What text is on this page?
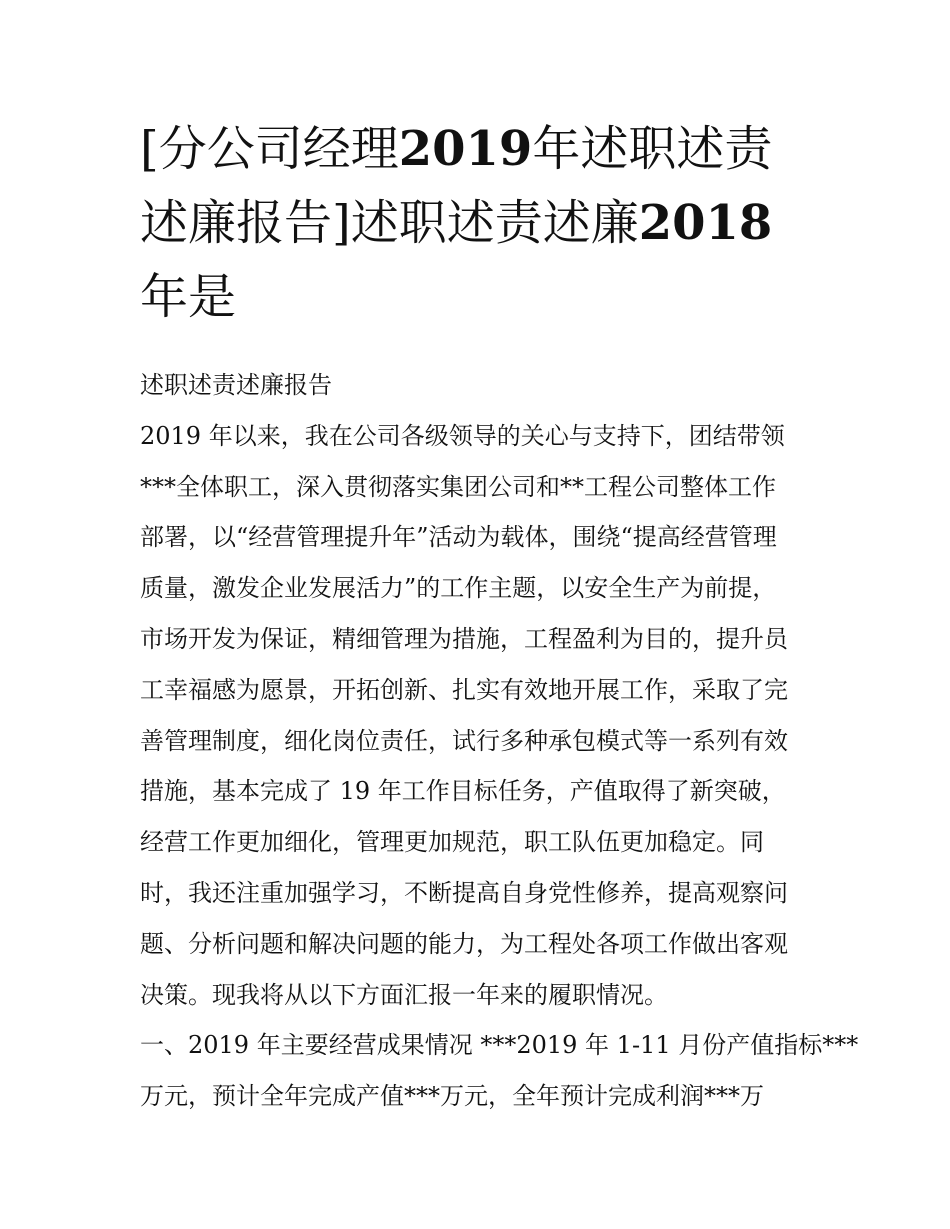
[分公司经理2019年述职述责
述廉报告]述职述责述廉2018
年是
述职述责述廉报告
2019 年以来，我在公司各级领导的关心与支持下，团结带领
***全体职工，深入贯彻落实集团公司和**工程公司整体工作
部署，以“经营管理提升年”活动为载体，围绕“提高经营管理
质量，激发企业发展活力”的工作主题，以安全生产为前提，
市场开发为保证，精细管理为措施，工程盈利为目的，提升员
工幸福感为愿景，开拓创新、扎实有效地开展工作，采取了完
善管理制度，细化岗位责任，试行多种承包模式等一系列有效
措施，基本完成了 19 年工作目标任务，产值取得了新突破，
经营工作更加细化，管理更加规范，职工队伍更加稳定。同
时，我还注重加强学习，不断提高自身党性修养，提高观察问
题、分析问题和解决问题的能力，为工程处各项工作做出客观
决策。现我将从以下方面汇报一年来的履职情况。
一、2019 年主要经营成果情况 ***2019 年 1-11 月份产值指标***
万元，预计全年完成产值***万元，全年预计完成利润***万
